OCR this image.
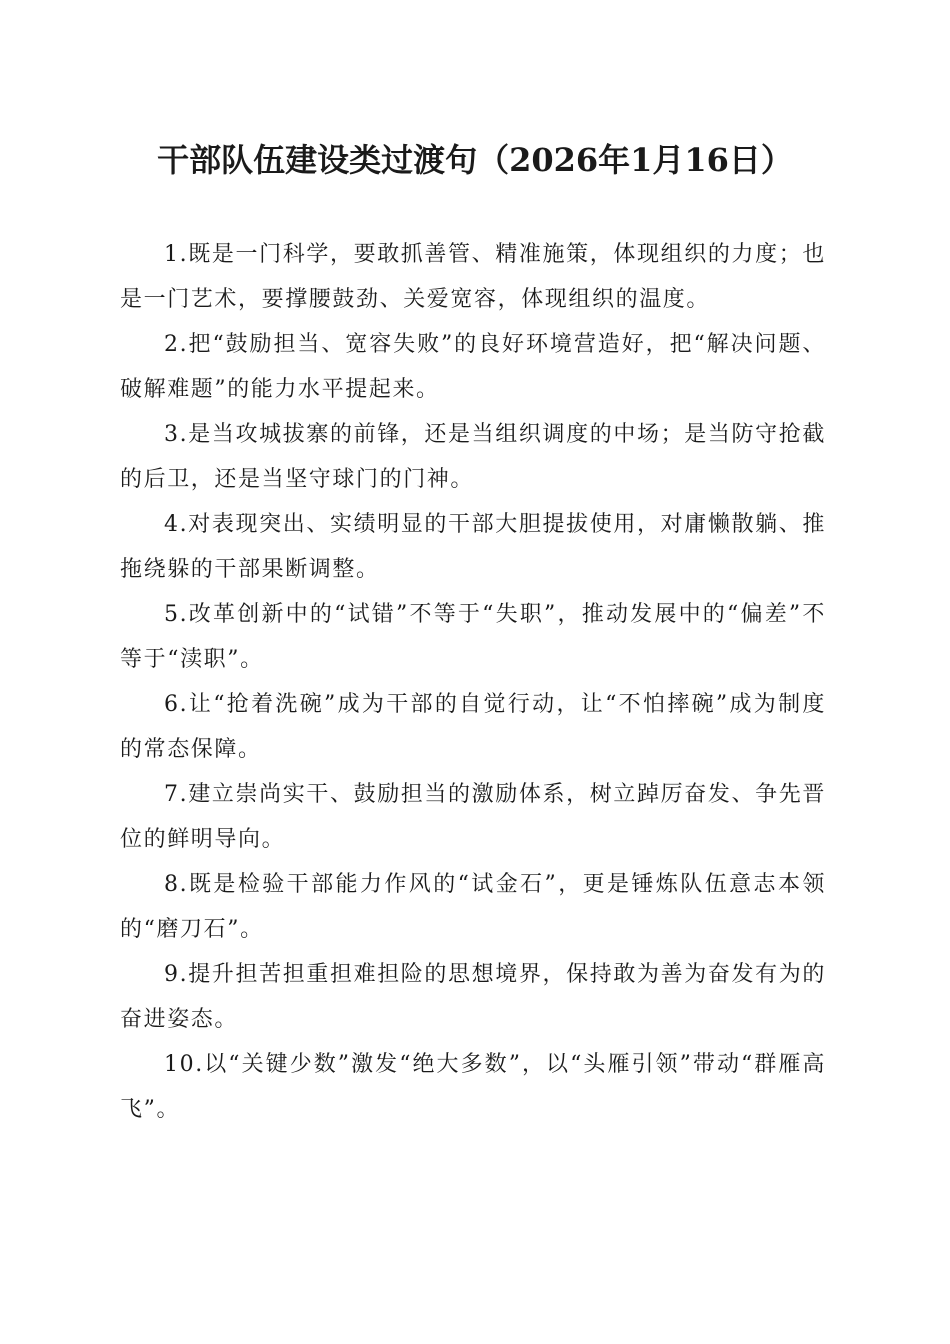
干部队伍建设类过渡句（2026年1月16日）

1.既是一门科学，要敢抓善管、精准施策，体现组织的力度；也是一门艺术，要撑腰鼓劲、关爱宽容，体现组织的温度。

2.把“鼓励担当、宽容失败”的良好环境营造好，把“解决问题、破解难题”的能力水平提起来。

3.是当攻城拔寨的前锋，还是当组织调度的中场；是当防守抢截的后卫，还是当坚守球门的门神。

4.对表现突出、实绩明显的干部大胆提拔使用，对庸懒散躺、推拖绕躲的干部果断调整。

5.改革创新中的“试错”不等于“失职”，推动发展中的“偏差”不等于“渎职”。

6.让“抢着洗碗”成为干部的自觉行动，让“不怕摔碗”成为制度的常态保障。

7.建立崇尚实干、鼓励担当的激励体系，树立踔厉奋发、争先晋位的鲜明导向。

8.既是检验干部能力作风的“试金石”，更是锤炼队伍意志本领的“磨刀石”。

9.提升担苦担重担难担险的思想境界，保持敢为善为奋发有为的奋进姿态。

10.以“关键少数”激发“绝大多数”，以“头雁引领”带动“群雁高飞”。
